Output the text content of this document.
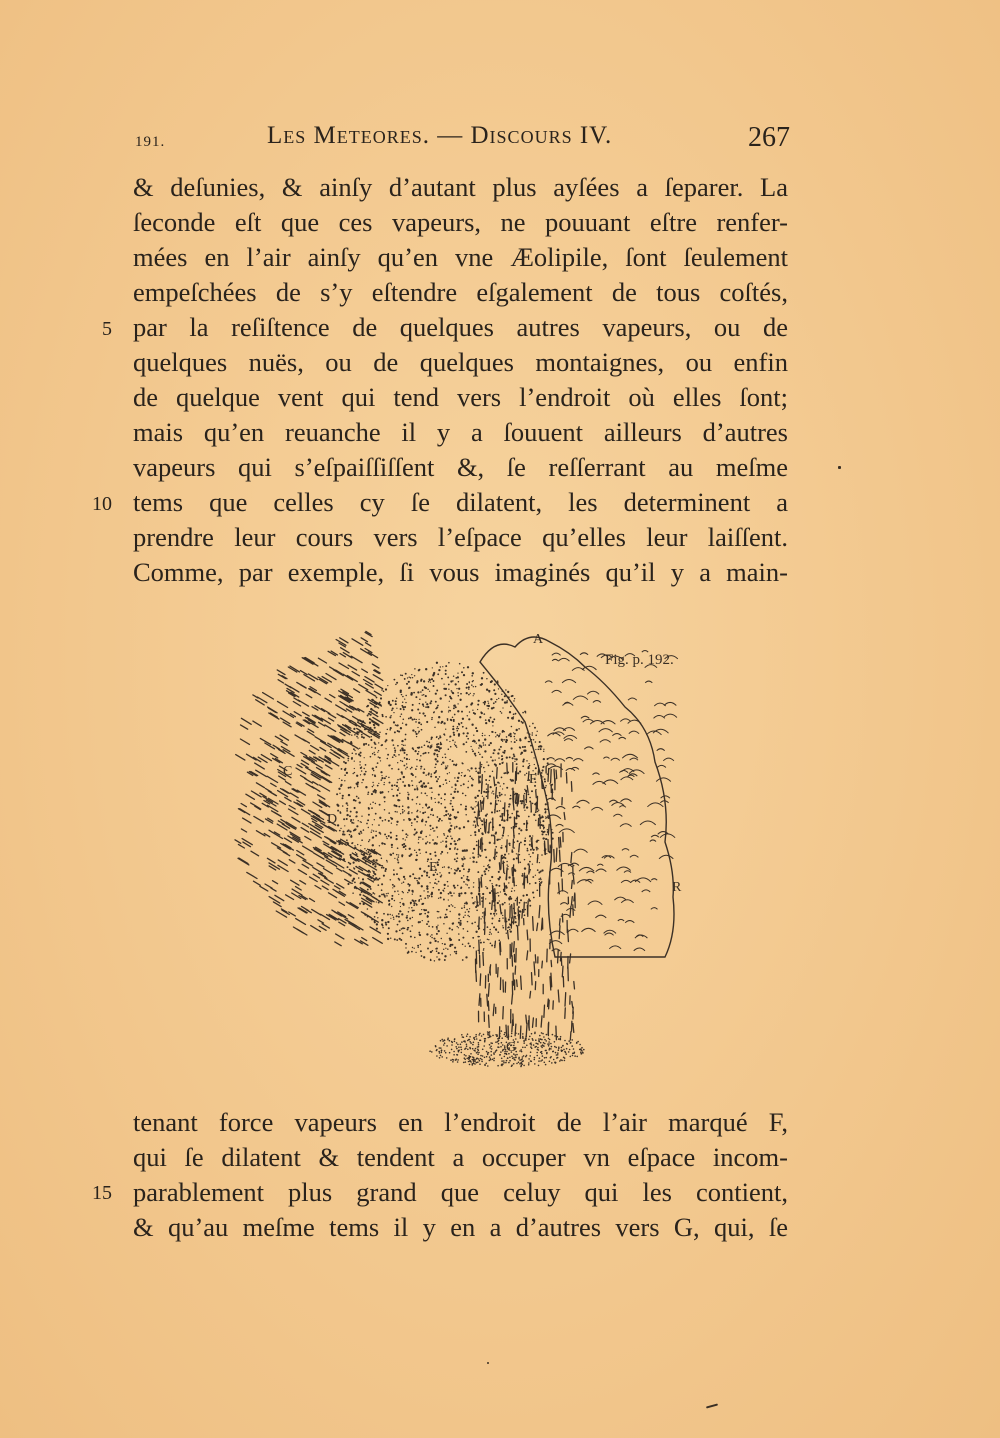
191.	Les Meteores. — Discours IV.	267
& deſunies, & ainſy d’autant plus ayſées a ſeparer. La
ſeconde eſt que ces vapeurs, ne pouuant eſtre renfer-
mées en l’air ainſy qu’en vne Æolipile, ſont ſeulement
empeſchées de s’y eſtendre eſgalement de tous coſtés,
par la reſiſtence de quelques autres vapeurs, ou de
quelques nuës, ou de quelques montaignes, ou enfin
de quelque vent qui tend vers l’endroit où elles ſont;
mais qu’en reuanche il y a ſouuent ailleurs d’autres
vapeurs qui s’eſpaiſſiſſent &, ſe reſſerrant au meſme
tems que celles cy ſe dilatent, les determinent a
prendre leur cours vers l’eſpace qu’elles leur laiſſent.
Comme, par exemple, ſi vous imaginés qu’il y a main-
5
10
Fig. p. 192.
A
C
D
E
F
R
G
tenant force vapeurs en l’endroit de l’air marqué F,
qui ſe dilatent & tendent a occuper vn eſpace incom-
parablement plus grand que celuy qui les contient,
& qu’au meſme tems il y en a d’autres vers G, qui, ſe
15
